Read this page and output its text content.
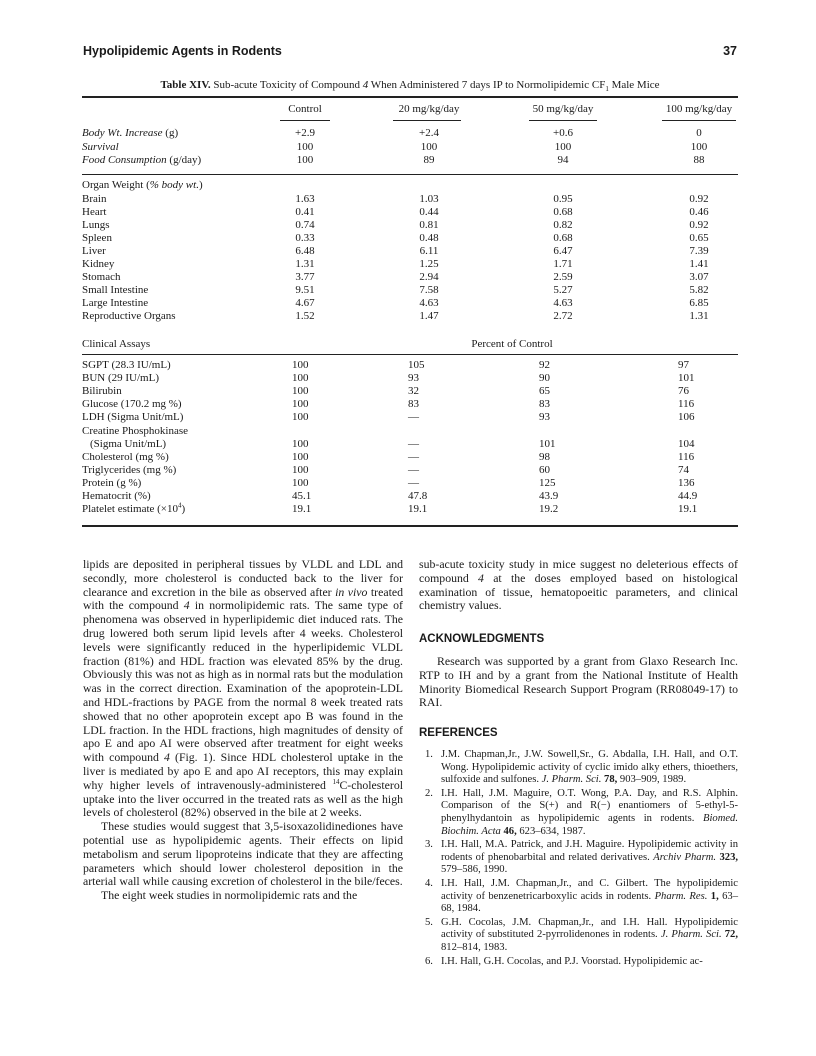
Hypolipidemic Agents in Rodents	37
Table XIV. Sub-acute Toxicity of Compound 4 When Administered 7 days IP to Normolipidemic $CF_1$ Male Mice
Control	20 mg/kg/day	50 mg/kg/day	100 mg/kg/day
Body Wt. Increase (g)	+2.9	+2.4	+0.6	0
Survival	100	100	100	100
Food Consumption (g/day)	100	89	94	88
Organ Weight (% body wt.)
Brain	1.63	1.03	0.95	0.92
Heart	0.41	0.44	0.68	0.46
Lungs	0.74	0.81	0.82	0.92
Spleen	0.33	0.48	0.68	0.65
Liver	6.48	6.11	6.47	7.39
Kidney	1.31	1.25	1.71	1.41
Stomach	3.77	2.94	2.59	3.07
Small Intestine	9.51	7.58	5.27	5.82
Large Intestine	4.67	4.63	4.63	6.85
Reproductive Organs	1.52	1.47	2.72	1.31
Clinical Assays	Percent of Control
SGPT (28.3 IU/mL)	100	105	92	97
BUN (29 IU/mL)	100	93	90	101
Bilirubin	100	32	65	76
Glucose (170.2 mg %)	100	83	83	116
LDH (Sigma Unit/mL)	100	—	93	106
Creatine Phosphokinase
(Sigma Unit/mL)	100	—	101	104
Cholesterol (mg %)	100	—	98	116
Triglycerides (mg %)	100	—	60	74
Protein (g %)	100	—	125	136
Hematocrit (%)	45.1	47.8	43.9	44.9
Platelet estimate $(\times 10^4)$	19.1	19.1	19.2	19.1

lipids are deposited in peripheral tissues by VLDL and LDL and secondly, more cholesterol is conducted back to the liver for clearance and excretion in the bile as observed after in vivo treated with the compound 4 in normolipidemic rats. The same type of phenomena was observed in hyperlipidemic diet induced rats. The drug lowered both serum lipid levels after 4 weeks. Cholesterol levels were significantly reduced in the hyperlipidemic VLDL fraction (81%) and HDL fraction was elevated 85% by the drug. Obviously this was not as high as in normal rats but the modulation was in the correct direction. Examination of the apoprotein-LDL and HDL-fractions by PAGE from the normal 8 week treated rats showed that no other apoprotein except apo B was found in the LDL fraction. In the HDL fractions, high magnitudes of density of apo E and apo AI were observed after treatment for eight weeks with compound 4 (Fig. 1). Since HDL cholesterol uptake in the liver is mediated by apo E and apo AI receptors, this may explain why higher levels of intravenously-administered $^{14}$C-cholesterol uptake into the liver occurred in the treated rats as well as the high levels of cholesterol (82%) observed in the bile at 2 weeks.

These studies would suggest that 3,5-isoxazolidinediones have potential use as hypolipidemic agents. Their effects on lipid metabolism and serum lipoproteins indicate that they are affecting parameters which should lower cholesterol deposition in the arterial wall while causing excretion of cholesterol in the bile/feces.

The eight week studies in normolipidemic rats and the

sub-acute toxicity study in mice suggest no deleterious effects of compound 4 at the doses employed based on histological examination of tissue, hematopoeitic parameters, and clinical chemistry values.

ACKNOWLEDGMENTS

Research was supported by a grant from Glaxo Research Inc. RTP to IH and by a grant from the National Institute of Health Minority Biomedical Research Support Program (RR08049-17) to RAI.

REFERENCES
1. J.M. Chapman,Jr., J.W. Sowell,Sr., G. Abdalla, I.H. Hall, and O.T. Wong. Hypolipidemic activity of cyclic imido alky ethers, thioethers, sulfoxide and sulfones. J. Pharm. Sci. 78, 903–909, 1989.
2. I.H. Hall, J.M. Maguire, O.T. Wong, P.A. Day, and R.S. Alphin. Comparison of the S(+) and R(−) enantiomers of 5-ethyl-5-phenylhydantoin as hypolipidemic agents in rodents. Biomed. Biochim. Acta 46, 623–634, 1987.
3. I.H. Hall, M.A. Patrick, and J.H. Maguire. Hypolipidemic activity in rodents of phenobarbital and related derivatives. Archiv Pharm. 323, 579–586, 1990.
4. I.H. Hall, J.M. Chapman,Jr., and C. Gilbert. The hypolipidemic activity of benzenetricarboxylic acids in rodents. Pharm. Res. 1, 63–68, 1984.
5. G.H. Cocolas, J.M. Chapman,Jr., and I.H. Hall. Hypolipidemic activity of substituted 2-pyrrolidenones in rodents. J. Pharm. Sci. 72, 812–814, 1983.
6. I.H. Hall, G.H. Cocolas, and P.J. Voorstad. Hypolipidemic ac-
